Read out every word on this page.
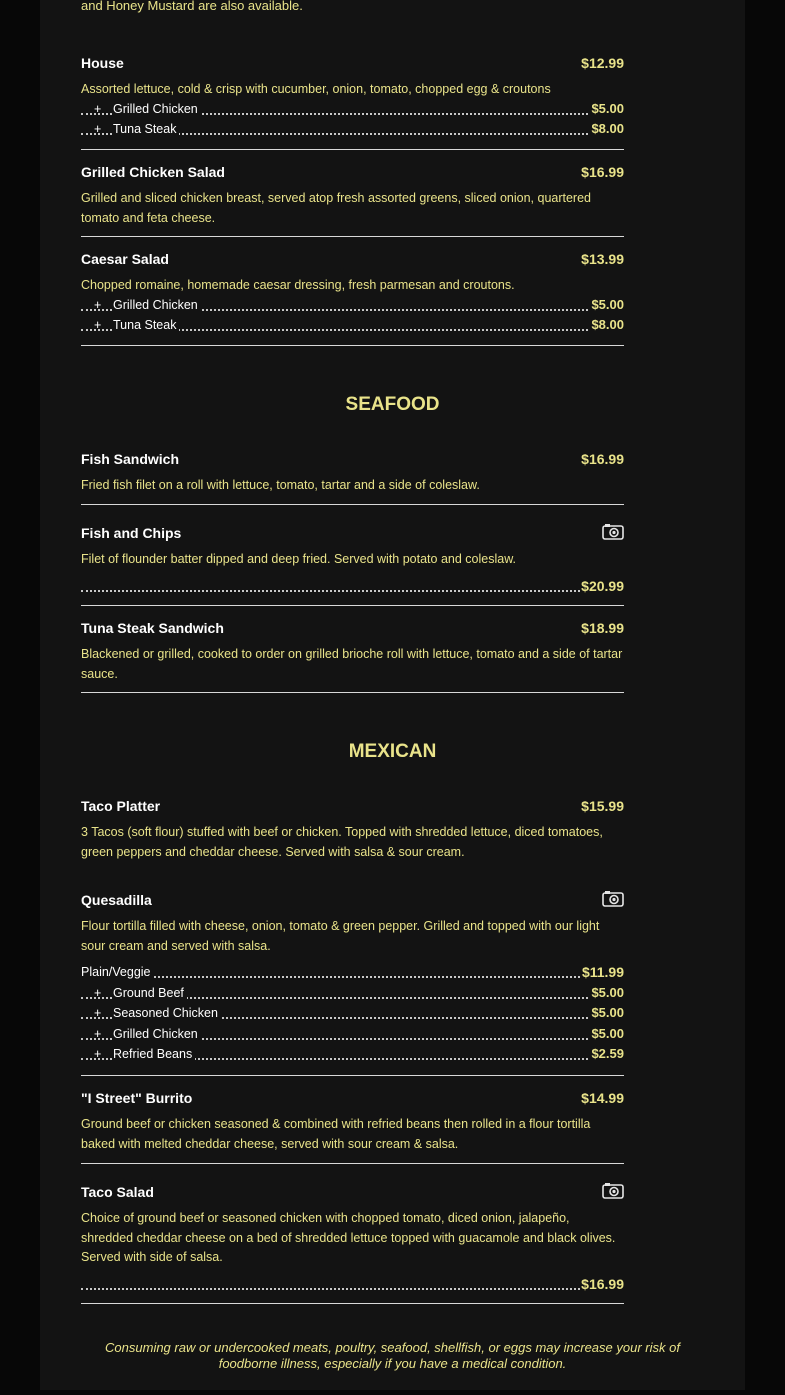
and Honey Mustard are also available.
House	$12.99
Assorted lettuce, cold & crisp with cucumber, onion, tomato, chopped egg & croutons
+ Grilled Chicken	$5.00
+ Tuna Steak	$8.00
Grilled Chicken Salad	$16.99
Grilled and sliced chicken breast, served atop fresh assorted greens, sliced onion, quartered tomato and feta cheese.
Caesar Salad	$13.99
Chopped romaine, homemade caesar dressing, fresh parmesan and croutons.
+ Grilled Chicken	$5.00
+ Tuna Steak	$8.00
SEAFOOD
Fish Sandwich	$16.99
Fried fish filet on a roll with lettuce, tomato, tartar and a side of coleslaw.
Fish and Chips
Filet of flounder batter dipped and deep fried. Served with potato and coleslaw.
$20.99
Tuna Steak Sandwich	$18.99
Blackened or grilled, cooked to order on grilled brioche roll with lettuce, tomato and a side of tartar sauce.
MEXICAN
Taco Platter	$15.99
3 Tacos (soft flour) stuffed with beef or chicken. Topped with shredded lettuce, diced tomatoes, green peppers and cheddar cheese. Served with salsa & sour cream.
Quesadilla
Flour tortilla filled with cheese, onion, tomato & green pepper. Grilled and topped with our light sour cream and served with salsa.
Plain/Veggie	$11.99
+ Ground Beef	$5.00
+ Seasoned Chicken	$5.00
+ Grilled Chicken	$5.00
+ Refried Beans	$2.59
"I Street" Burrito	$14.99
Ground beef or chicken seasoned & combined with refried beans then rolled in a flour tortilla baked with melted cheddar cheese, served with sour cream & salsa.
Taco Salad
Choice of ground beef or seasoned chicken with chopped tomato, diced onion, jalapeño, shredded cheddar cheese on a bed of shredded lettuce topped with guacamole and black olives. Served with side of salsa.
$16.99
Consuming raw or undercooked meats, poultry, seafood, shellfish, or eggs may increase your risk of foodborne illness, especially if you have a medical condition.
